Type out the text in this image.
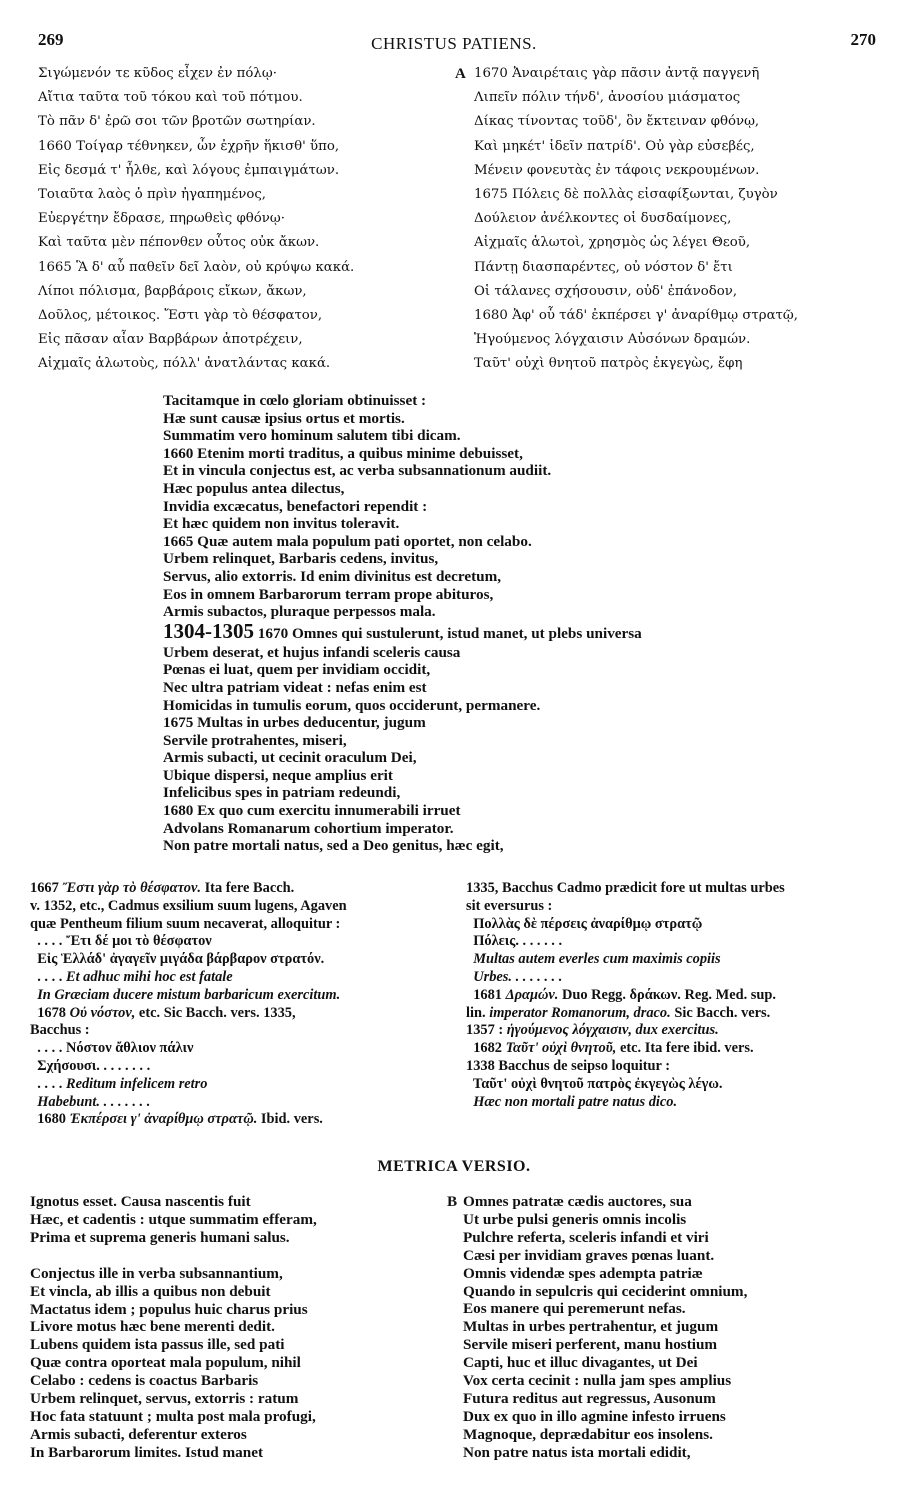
269	CHRISTUS PATIENS.	270
Σιγώμενόν τε κῦδος εἶχεν ἐν πόλῳ·
Αἴτια ταῦτα τοῦ τόκου καὶ τοῦ πότμου.
Τὸ πᾶν δ' ἐρῶ σοι τῶν βροτῶν σωτηρίαν.
1660 Τοίγαρ τέθνηκεν, ὧν ἐχρῆν ἥκισθ' ὕπο,
Εἰς δεσμά τ' ἦλθε, καὶ λόγους ἐμπαιγμάτων.
Τοιαῦτα λαὸς ὁ πρὶν ἠγαπημένος,
Εὐεργέτην ἔδρασε, πηρωθεὶς φθόνῳ·
Καὶ ταῦτα μὲν πέπονθεν οὗτος οὐκ ἄκων.
1665 Ἃ δ' αὖ παθεῖν δεῖ λαὸν, οὐ κρύψω κακά.
Λίποι πόλισμα, βαρβάροις εἴκων, ἄκων,
Δοῦλος, μέτοικος. Ἔστι γὰρ τὸ θέσφατον,
Εἰς πᾶσαν αἶαν Βαρβάρων ἀποτρέχειν,
Αἰχμαῖς ἁλωτοὺς, πόλλ' ἀνατλάντας κακά.
A 1670 Ἀναιρέταις γὰρ πᾶσιν ἀντᾷ παγγενῆ
Λιπεῖν πόλιν τήνδ', ἀνοσίου μιάσματος
Δίκας τίνοντας τοῦδ', ὃν ἔκτειναν φθόνῳ,
Καὶ μηκέτ' ἰδεῖν πατρίδ'. Οὐ γὰρ εὐσεβές,
Μένειν φονευτὰς ἐν τάφοις νεκρουμένων.
1675 Πόλεις δὲ πολλὰς εἰσαφίξωνται, ζυγὸν
Δούλειον ἀνέλκοντες οἱ δυσδαίμονες,
Αἰχμαῖς ἁλωτοὶ, χρησμὸς ὡς λέγει Θεοῦ,
Πάντῃ διασπαρέντες, οὐ νόστον δ' ἔτι
Οἱ τάλανες σχήσουσιν, οὐδ' ἐπάνοδον,
1680 Ἀφ' οὗ τάδ' ἐκπέρσει γ' ἀναρίθμῳ στρατῷ,
Ἡγούμενος λόγχαισιν Αὐσόνων δραμών.
Ταῦτ' οὐχὶ θνητοῦ πατρὸς ἐκγεγὼς, ἔφη
Tacitamque in cœlo gloriam obtinuisset :
Hæ sunt causæ ipsius ortus et mortis.
Summatim vero hominum salutem tibi dicam.
1660 Etenim morti traditus, a quibus minime debuisset,
Et in vincula conjectus est, ac verba subsannationum audiit.
Hæc populus antea dilectus,
Invidia excæcatus, benefactori rependit :
Et hæc quidem non invitus toleravit.
1665 Quæ autem mala populum pati oportet, non celabo.
Urbem relinquet, Barbaris cedens, invitus,
Servus, alio extorris. Id enim divinitus est decretum,
Eos in omnem Barbarorum terram prope abituros,
Armis subactos, pluraque perpessos mala.
1304-1305 1670 Omnes qui sustulerunt, istud manet, ut plebs universa
Urbem deserat, et hujus infandi sceleris causa
Pœnas ei luat, quem per invidiam occidit,
Nec ultra patriam videat : nefas enim est
Homicidas in tumulis eorum, quos occiderunt, permanere.
1675 Multas in urbes deducentur, jugum
Servile protrahentes, miseri,
Armis subacti, ut cecinit oraculum Dei,
Ubique dispersi, neque amplius erit
Infelicibus spes in patriam redeundi,
1680 Ex quo cum exercitu innumerabili irruet
Advolans Romanarum cohortium imperator.
Non patre mortali natus, sed a Deo genitus, hæc egit,
1667 Ἔστι γὰρ τὸ θέσφατον. Ita fere Bacch.
v. 1352, etc., Cadmus exsilium suum lugens, Agaven
quæ Pentheum filium suum necaverat, alloquitur :
. . . . Ἔτι δέ μοι τὸ θέσφατον
Εἰς Ἑλλάδ' ἀγαγεῖν μιγάδα βάρβαρον στρατόν.
. . . . Et adhuc mihi hoc est fatale
In Græciam ducere mistum barbaricum exercitum.
1678 Οὐ νόστον, etc. Sic Bacch. vers. 1335,
Bacchus :
. . . . Νόστον ἄθλιον πάλιν
Σχήσουσι. . . . . . . .
. . . . Reditum infelicem retro
Habebunt. . . . . . . .
1680 Ἐκπέρσει γ' ἀναρίθμῳ στρατῷ. Ibid. vers.
1335, Bacchus Cadmo prædicit fore ut multas urbes
sit eversurus :
Πολλὰς δὲ πέρσεις ἀναρίθμῳ στρατῷ
Πόλεις. . . . . . .
Multas autem everles cum maximis copiis
Urbes. . . . . . . .
1681 Δραμών. Duo Regg. δράκων. Reg. Med. sup.
lin. imperator Romanorum, draco. Sic Bacch. vers.
1357 : ἡγούμενος λόγχαισιν, dux exercitus.
1682 Ταῦτ' οὐχὶ θνητοῦ, etc. Ita fere ibid. vers.
1338 Bacchus de seipso loquitur :
Ταῦτ' οὐχὶ θνητοῦ πατρὸς ἐκγεγὼς λέγω.
Hæc non mortali patre natus dico.
METRICA VERSIO.
Ignotus esset. Causa nascentis fuit
Hæc, et cadentis : utque summatim efferam,
Prima et suprema generis humani salus.
Conjectus ille in verba subsannantium,
Et vincla, ab illis a quibus non debuit
Mactatus idem ; populus huic charus prius
Livore motus hæc bene merenti dedit.
Lubens quidem ista passus ille, sed pati
Quæ contra oporteat mala populum, nihil
Celabo : cedens is coactus Barbaris
Urbem relinquet, servus, extorris : ratum
Hoc fata statuunt ; multa post mala profugi,
Armis subacti, deferentur exteros
In Barbarorum limites. Istud manet
B Omnes patratæ cædis auctores, sua
Ut urbe pulsi generis omnis incolis
Pulchre referta, sceleris infandi et viri
Cæsi per invidiam graves pœnas luant.
Omnis videndæ spes adempta patriæ
Quando in sepulcris qui ceciderint omnium,
Eos manere qui peremerunt nefas.
Multas in urbes pertrahentur, et jugum
Servile miseri perferent, manu hostium
Capti, huc et illuc divagantes, ut Dei
Vox certa cecinit : nulla jam spes amplius
Futura reditus aut regressus, Ausonum
Dux ex quo in illo agmine infesto irruens
Magnoque, deprædabitur eos insolens.
Non patre natus ista mortali edidit,
